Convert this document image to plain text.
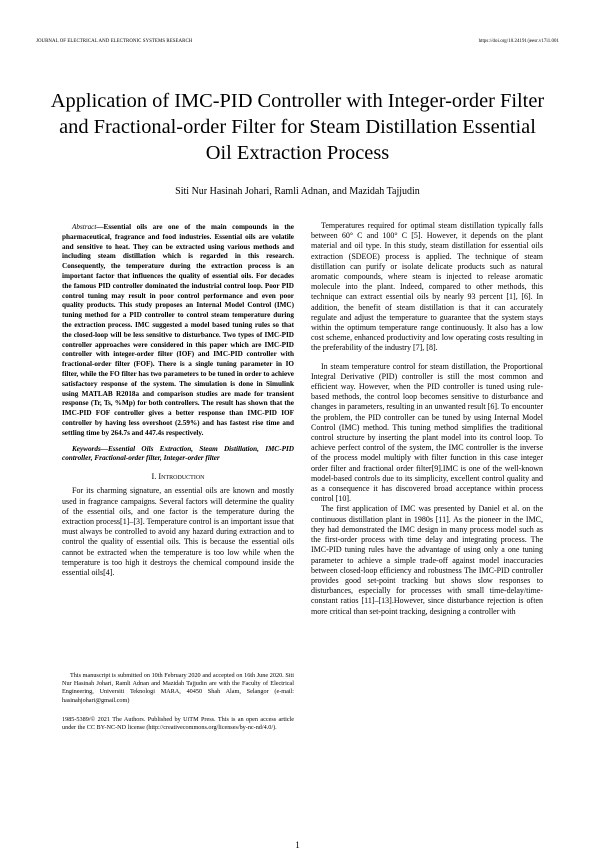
JOURNAL OF ELECTRICAL AND ELECTRONIC SYSTEMS RESEARCH	https://doi.org/10.24191/jeesr.v17i1.001
Application of IMC-PID Controller with Integer-order Filter and Fractional-order Filter for Steam Distillation Essential Oil Extraction Process
Siti Nur Hasinah Johari, Ramli Adnan, and Mazidah Tajjudin

Abstract—Essential oils are one of the main compounds in the pharmaceutical, fragrance and food industries. Essential oils are volatile and sensitive to heat. They can be extracted using various methods and including steam distillation which is regarded in this research. Consequently, the temperature during the extraction process is an important factor that influences the quality of essential oils. For decades the famous PID controller dominated the industrial control loop. Poor PID control tuning may result in poor control performance and even poor quality products. This study proposes an Internal Model Control (IMC) tuning method for a PID controller to control steam temperature during the extraction process. IMC suggested a model based tuning rules so that the closed-loop will be less sensitive to disturbance. Two types of IMC-PID controller approaches were considered in this paper which are IMC-PID controller with integer-order filter (IOF) and IMC-PID controller with fractional-order filter (FOF). There is a single tuning parameter in IO filter, while the FO filter has two parameters to be tuned in order to achieve satisfactory response of the system. The simulation is done in Simulink using MATLAB R2018a and comparison studies are made for transient response (Tr, Ts, %Mp) for both controllers. The result has shown that the IMC-PID FOF controller gives a better response than IMC-PID IOF controller by having less overshoot (2.59%) and has fastest rise time and settling time by 264.7s and 447.4s respectively.

Keywords—Essential Oils Extraction, Steam Distillation, IMC-PID controller, Fractional-order filter, Integer-order filter

I. Introduction

For its charming signature, an essential oils are known and mostly used in fragrance campaigns. Several factors will determine the quality of the essential oils, and one factor is the temperature during the extraction process[1]–[3]. Temperature control is an important issue that must always be controlled to avoid any hazard during extraction and to control the quality of essential oils. This is because the essential oils cannot be extracted when the temperature is too low while when the temperature is too high it destroys the chemical compound inside the essential oils[4].

This manuscript is submitted on 10th February 2020 and accepted on 16th June 2020. Siti Nur Hasinah Johari, Ramli Adnan and Mazidah Tajjudin are with the Faculty of Electrical Engineering, Universiti Teknologi MARA, 40450 Shah Alam, Selangor (e-mail: hasinahjohari@gmail.com)
1985-5389/© 2021 The Authors. Published by UiTM Press. This is an open access article under the CC BY-NC-ND license (http://creativecommons.org/licenses/by-nc-nd/4.0/).

Temperatures required for optimal steam distillation typically falls between 60° C and 100° C [5]. However, it depends on the plant material and oil type. In this study, steam distillation for essential oils extraction (SDEOE) process is applied. The technique of steam distillation can purify or isolate delicate products such as natural aromatic compounds, where steam is injected to release aromatic molecule into the plant. Indeed, compared to other methods, this technique can extract essential oils by nearly 93 percent [1], [6]. In addition, the benefit of steam distillation is that it can accurately regulate and adjust the temperature to guarantee that the system stays within the optimum temperature range continuously. It also has a low cost scheme, enhanced productivity and low operating costs resulting in the preferability of the industry [7], [8].

In steam temperature control for steam distillation, the Proportional Integral Derivative (PID) controller is still the most common and efficient way. However, when the PID controller is tuned using rule-based methods, the control loop becomes sensitive to disturbance and changes in parameters, resulting in an unwanted result [6]. To encounter the problem, the PID controller can be tuned by using Internal Model Control (IMC) method. This tuning method simplifies the traditional control structure by inserting the plant model into its control loop. To achieve perfect control of the system, the IMC controller is the inverse of the process model multiply with filter function in this case integer order filter and fractional order filter[9].IMC is one of the well-known model-based controls due to its simplicity, excellent control quality and as a consequence it has discovered broad acceptance within process control [10].

The first application of IMC was presented by Daniel et al. on the continuous distillation plant in 1980s [11]. As the pioneer in the IMC, they had demonstrated the IMC design in many process model such as the first-order process with time delay and integrating process. The IMC-PID tuning rules have the advantage of using only a one tuning parameter to achieve a simple trade-off against model inaccuracies between closed-loop efficiency and robustness The IMC-PID controller provides good set-point tracking but shows slow responses to disturbances, especially for processes with small time-delay/time-constant ratios [11]–[13].However, since disturbance rejection is often more critical than set-point tracking, designing a controller with

1
